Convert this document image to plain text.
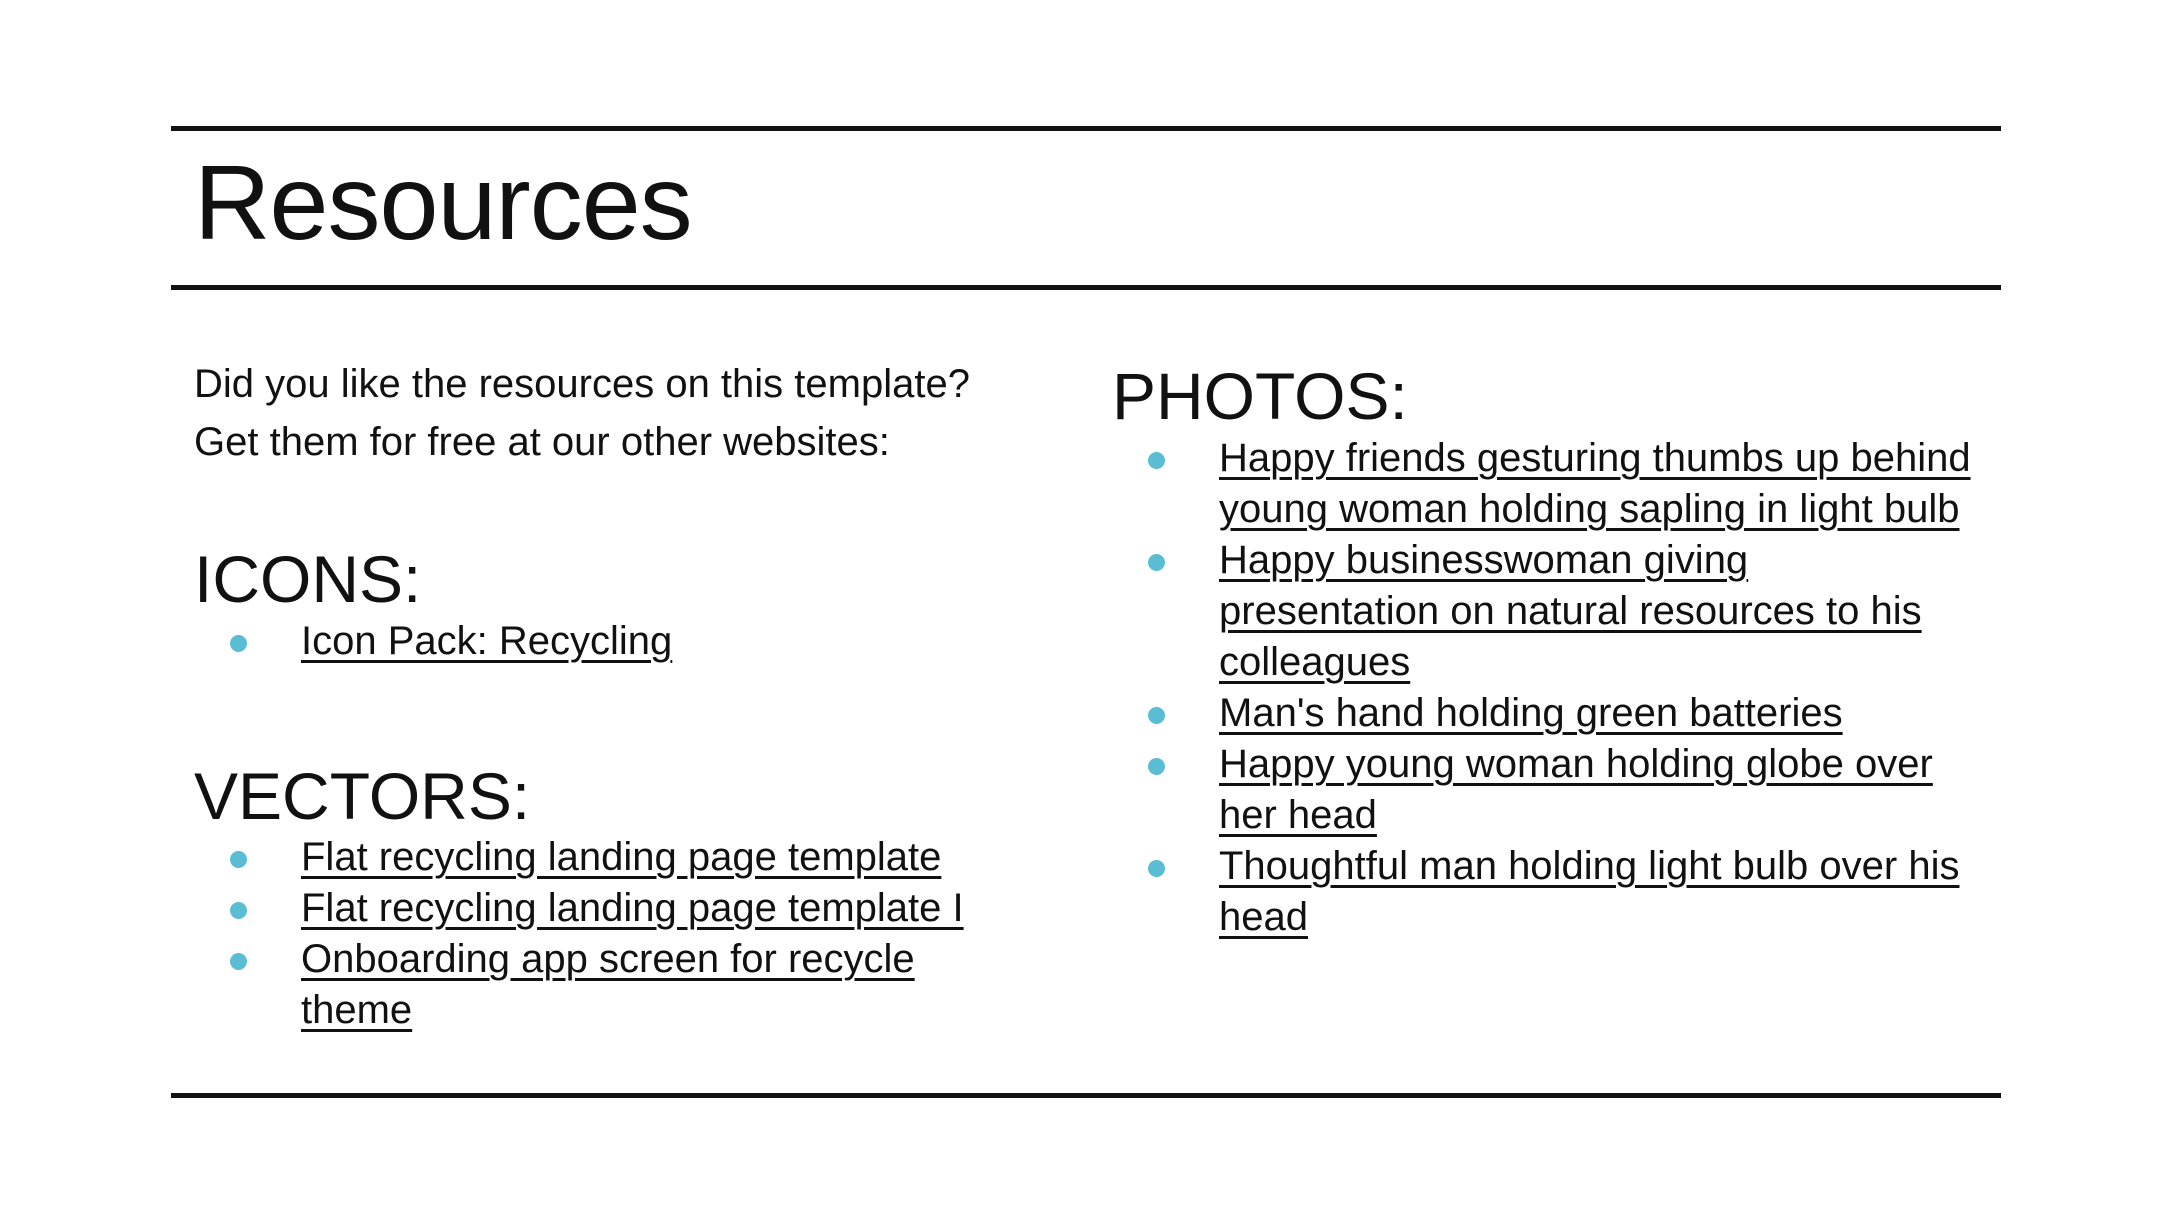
Resources

Did you like the resources on this template?
Get them for free at our other websites:

ICONS:
Icon Pack: Recycling
VECTORS:
Flat recycling landing page template
Flat recycling landing page template I
Onboarding app screen for recycle theme
PHOTOS:
Happy friends gesturing thumbs up behind young woman holding sapling in light bulb
Happy businesswoman giving presentation on natural resources to his colleagues
Man's hand holding green batteries
Happy young woman holding globe over her head
Thoughtful man holding light bulb over his head
